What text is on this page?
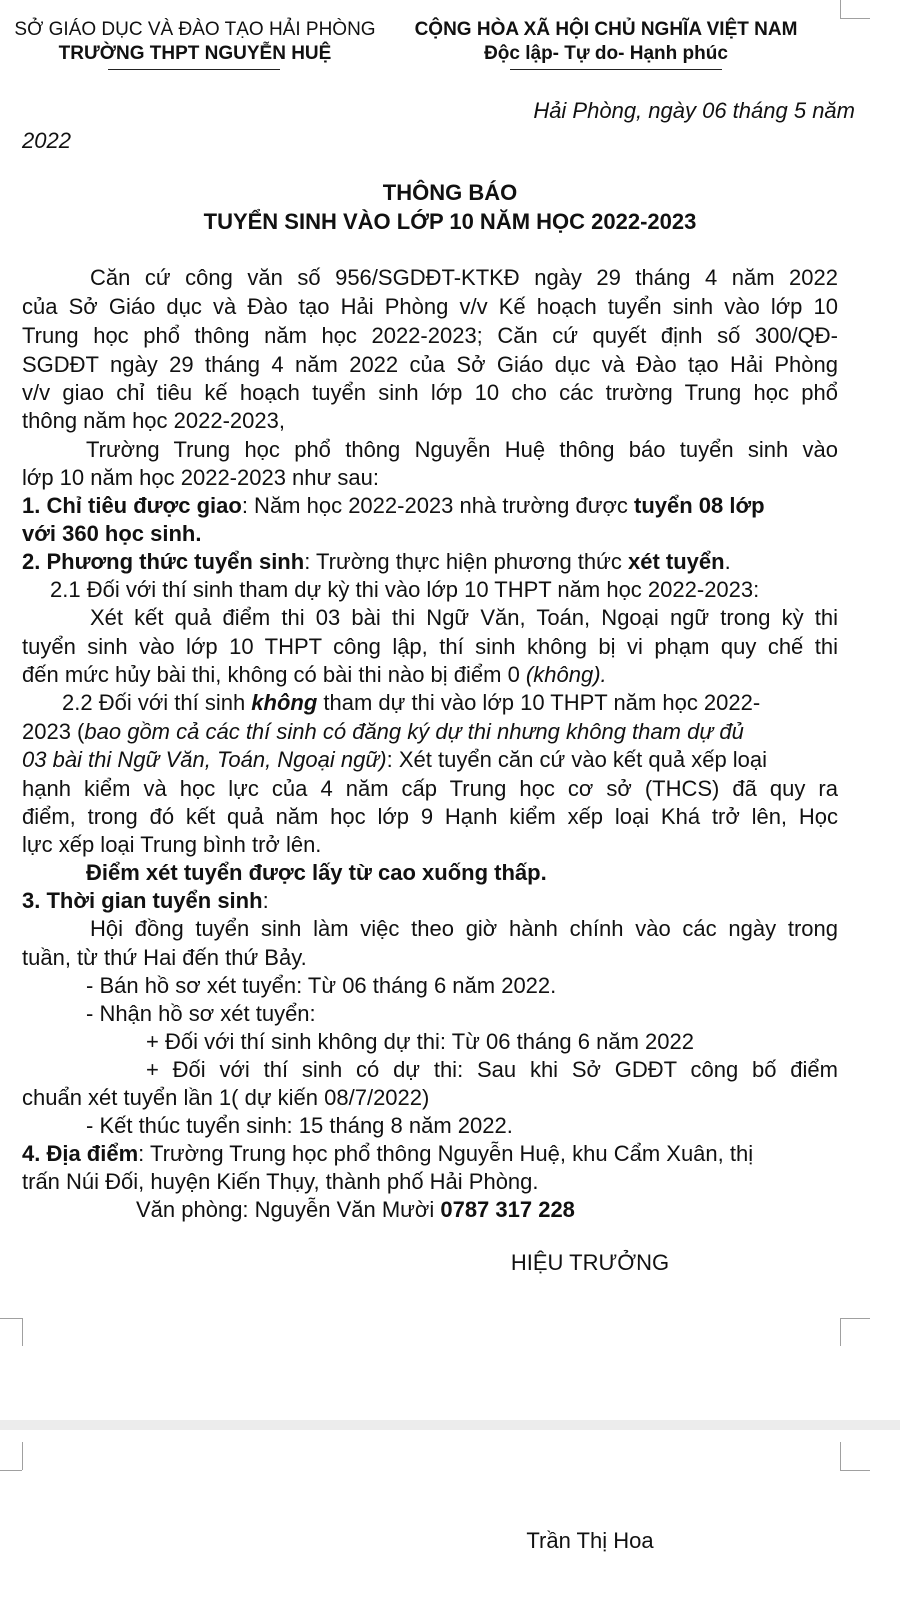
SỞ GIÁO DỤC VÀ ĐÀO TẠO HẢI PHÒNG
TRƯỜNG THPT NGUYỄN HUỆ
CỘNG HÒA XÃ HỘI CHỦ NGHĨA VIỆT NAM
Độc lập- Tự do- Hạnh phúc
Hải Phòng, ngày 06 tháng 5 năm
2022
THÔNG BÁO
TUYỂN SINH VÀO LỚP 10 NĂM HỌC 2022-2023
Căn cứ công văn số 956/SGDĐT-KTKĐ ngày 29 tháng 4 năm 2022
của Sở Giáo dục và Đào tạo Hải Phòng v/v Kế hoạch tuyển sinh vào lớp 10
Trung học phổ thông năm học 2022-2023; Căn cứ quyết định số 300/QĐ-
SGDĐT ngày 29 tháng 4 năm 2022 của Sở Giáo dục và Đào tạo Hải Phòng
v/v giao chỉ tiêu kế hoạch tuyển sinh lớp 10 cho các trường Trung học phổ
thông năm học 2022-2023,
Trường Trung học phổ thông Nguyễn Huệ thông báo tuyển sinh vào
lớp 10 năm học 2022-2023 như sau:
1. Chỉ tiêu được giao: Năm học 2022-2023 nhà trường được tuyển 08 lớp
với 360 học sinh.
2. Phương thức tuyển sinh: Trường thực hiện phương thức xét tuyển.
2.1 Đối với thí sinh tham dự kỳ thi vào lớp 10 THPT năm học 2022-2023:
Xét kết quả điểm thi 03 bài thi Ngữ Văn, Toán, Ngoại ngữ trong kỳ thi
tuyển sinh vào lớp 10 THPT công lập, thí sinh không bị vi phạm quy chế thi
đến mức hủy bài thi, không có bài thi nào bị điểm 0 (không).
2.2 Đối với thí sinh không tham dự thi vào lớp 10 THPT năm học 2022-
2023 (bao gồm cả các thí sinh có đăng ký dự thi nhưng không tham dự đủ
03 bài thi Ngữ Văn, Toán, Ngoại ngữ): Xét tuyển căn cứ vào kết quả xếp loại
hạnh kiểm và học lực của 4 năm cấp Trung học cơ sở (THCS) đã quy ra
điểm, trong đó kết quả năm học lớp 9 Hạnh kiểm xếp loại Khá trở lên, Học
lực xếp loại Trung bình trở lên.
Điểm xét tuyển được lấy từ cao xuống thấp.
3. Thời gian tuyển sinh:
Hội đồng tuyển sinh làm việc theo giờ hành chính vào các ngày trong
tuần, từ thứ Hai đến thứ Bảy.
- Bán hồ sơ xét tuyển: Từ 06 tháng 6 năm 2022.
- Nhận hồ sơ xét tuyển:
+ Đối với thí sinh không dự thi: Từ 06 tháng 6 năm 2022
+ Đối với thí sinh có dự thi: Sau khi Sở GDĐT công bố điểm
chuẩn xét tuyển lần 1( dự kiến 08/7/2022)
- Kết thúc tuyển sinh: 15 tháng 8 năm 2022.
4. Địa điểm: Trường Trung học phổ thông Nguyễn Huệ, khu Cẩm Xuân, thị
trấn Núi Đối, huyện Kiến Thụy, thành phố Hải Phòng.
Văn phòng: Nguyễn Văn Mười 0787 317 228
HIỆU TRƯỞNG
Trần Thị Hoa
